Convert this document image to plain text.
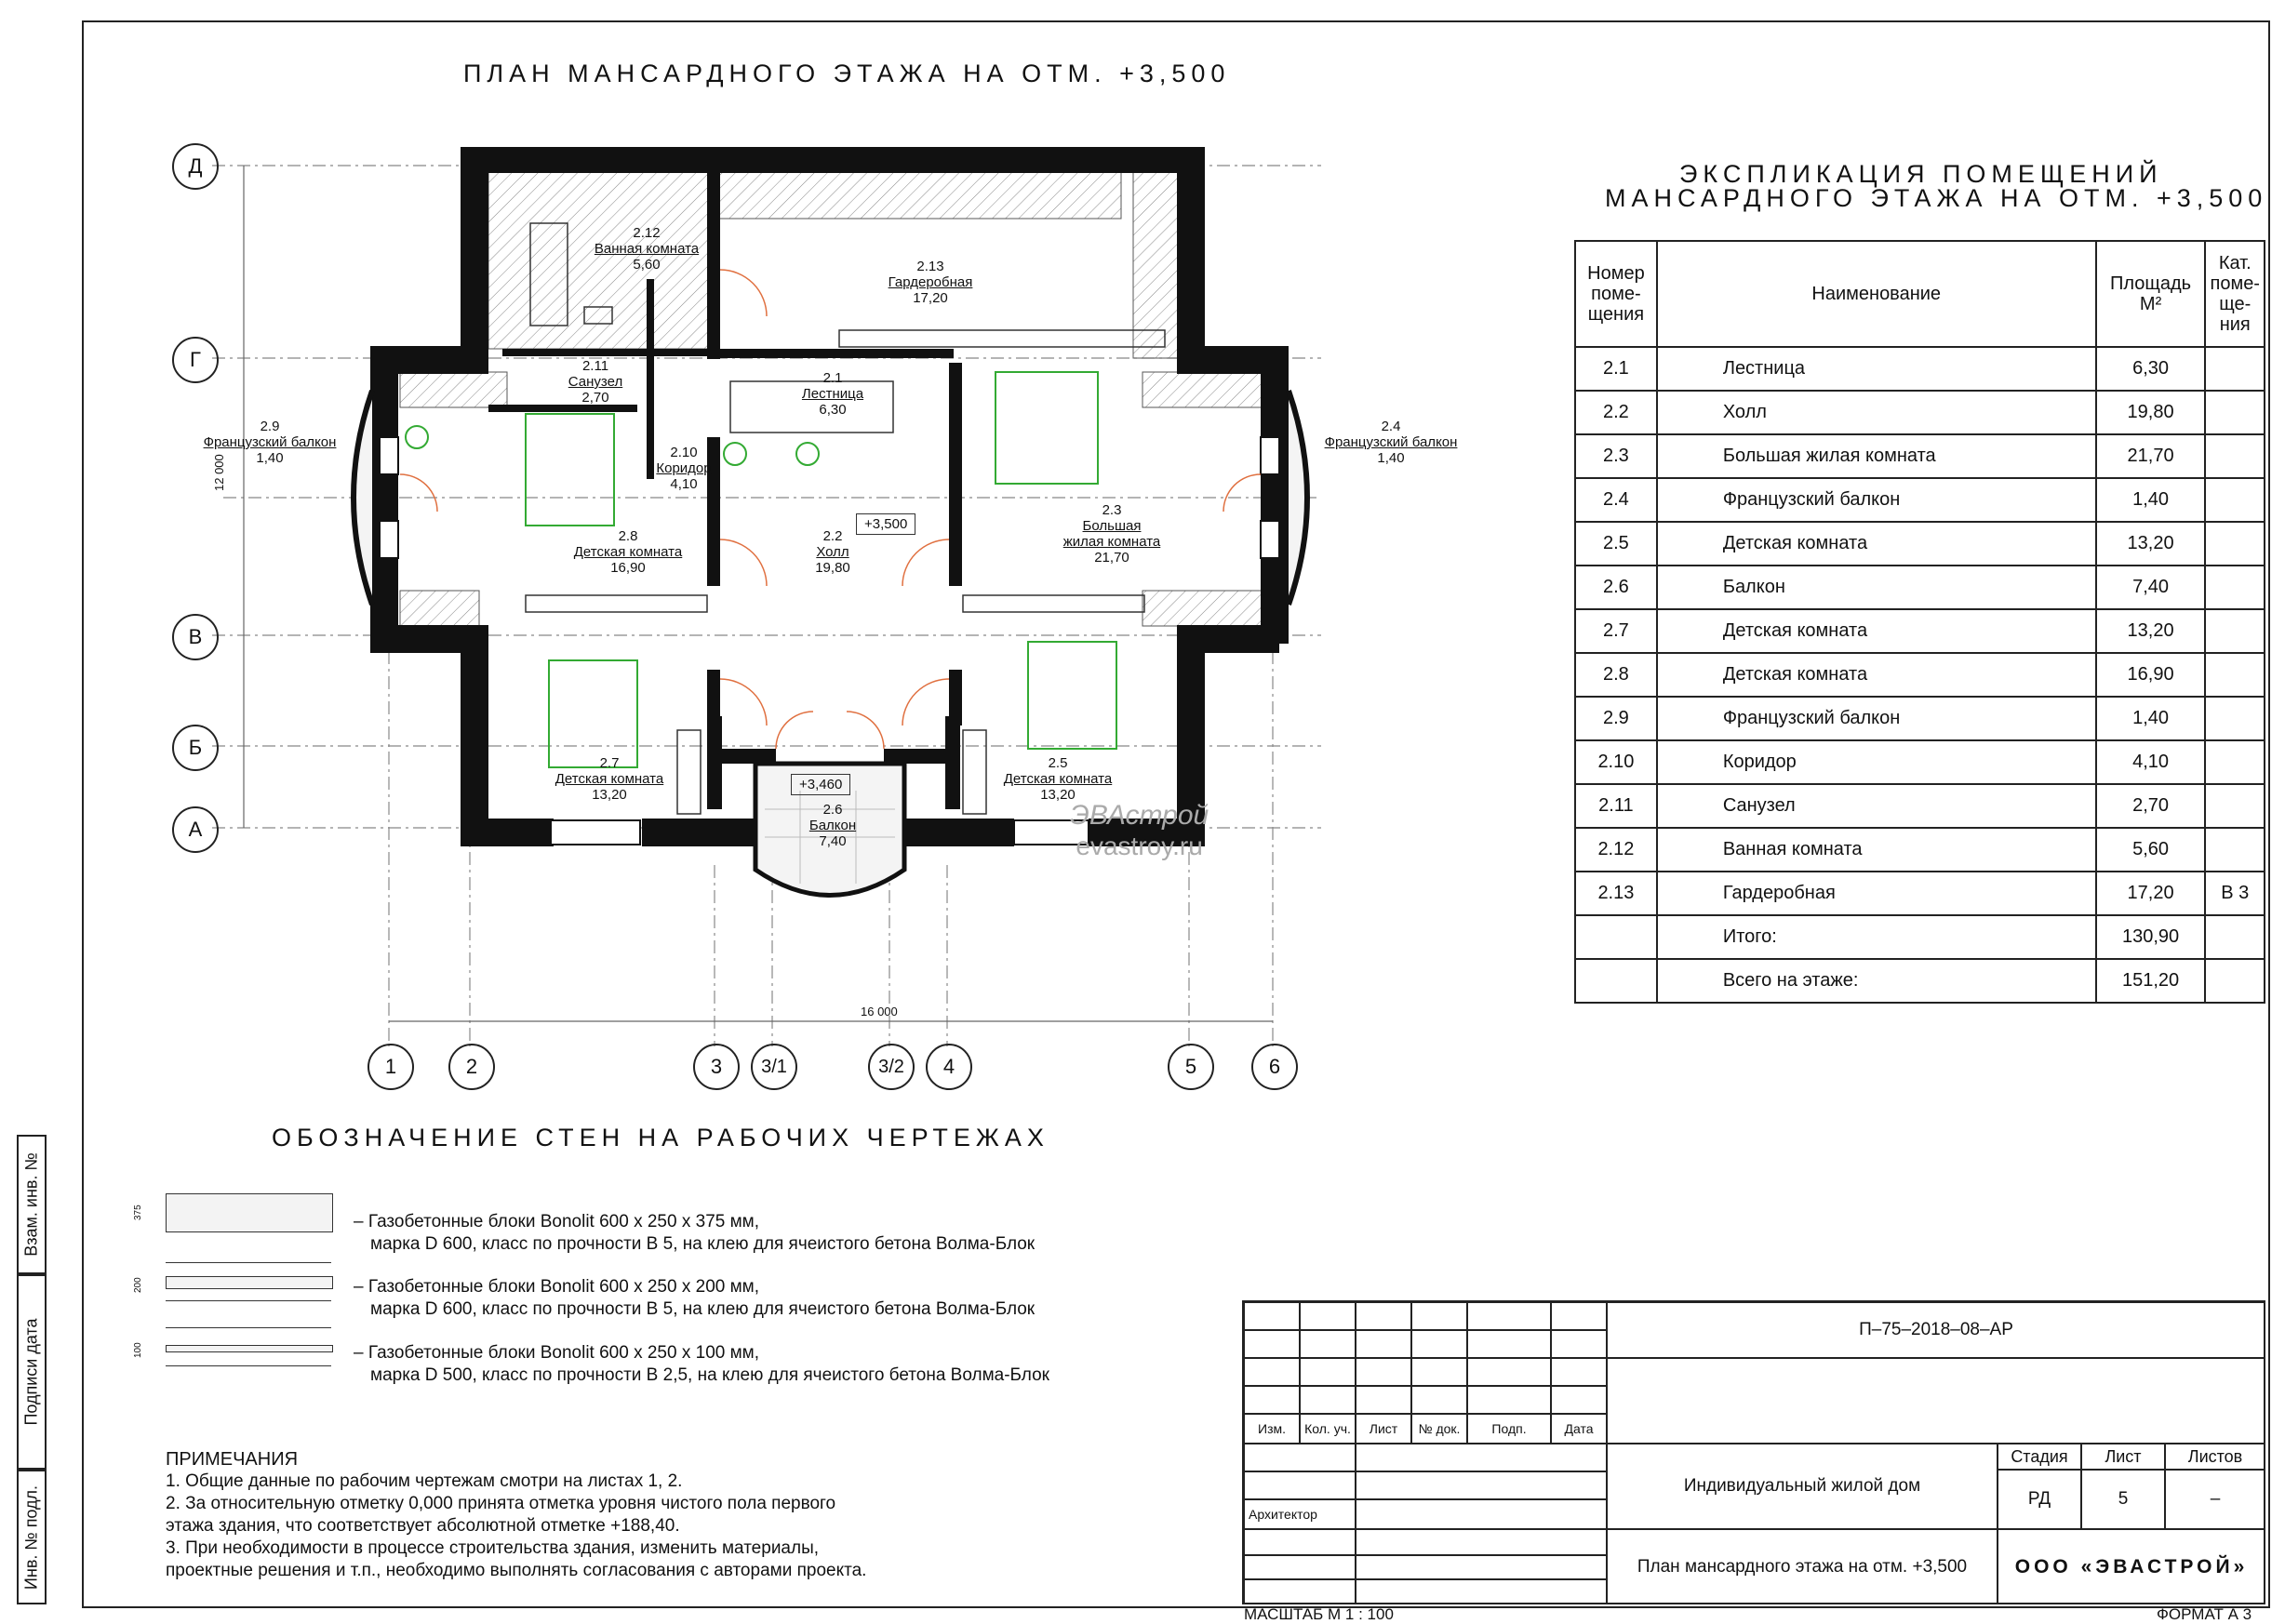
Взам. инв. №
Подписи дата
Инв. № подл.
ПЛАН МАНСАРДНОГО ЭТАЖА НА ОТМ. +3,500
Д
Г
В
Б
А
1	2	3 3/1	3/2 4	5	6
16 000
12 000
2.12
Ванная комната
5,60	2.13
Гардеробная
17,20
2.11
Санузел
2,70
2.1
Лестница
6,30
2.9
Французский балкон
1,40
2.4
Французский балкон
1,40
2.10
Коридор
4,10
2.8
Детская комната
16,90
2.2
Холл
19,80
2.3
Большая
жилая комната
21,70
2.7
Детская комната
13,20
2.5
Детская комната
13,20
2.6
Балкон
7,40
+3,500
+3,460
ЭВАстрой
evastroy.ru
ЭКСПЛИКАЦИЯ ПОМЕЩЕНИЙ
МАНСАРДНОГО ЭТАЖА НА ОТМ. +3,500
Номер поме-щения	Наименование	Площадь М²	Кат. поме-ще-ния
2.1	Лестница	6,30	
2.2	Холл	19,80	
2.3	Большая жилая комната	21,70	
2.4	Французский балкон	1,40	
2.5	Детская комната	13,20	
2.6	Балкон	7,40	
2.7	Детская комната	13,20	
2.8	Детская комната	16,90	
2.9	Французский балкон	1,40	
2.10	Коридор	4,10	
2.11	Санузел	2,70	
2.12	Ванная комната	5,60	
2.13	Гардеробная	17,20	В 3
	Итого:	130,90	
	Всего на этаже:	151,20	
ОБОЗНАЧЕНИЕ СТЕН НА РАБОЧИХ ЧЕРТЕЖАХ
375	– Газобетонные блоки Bonolit 600 x 250 x 375 мм,
марка D 600, класс по прочности В 5, на клею для ячеистого бетона Волма-Блок
200	– Газобетонные блоки Bonolit 600 x 250 x 200 мм,
марка D 600, класс по прочности В 5, на клею для ячеистого бетона Волма-Блок
100	– Газобетонные блоки Bonolit 600 x 250 x 100 мм,
марка D 500, класс по прочности В 2,5, на клею для ячеистого бетона Волма-Блок
ПРИМЕЧАНИЯ
1. Общие данные по рабочим чертежам смотри на листах 1, 2.
2. За относительную отметку 0,000 принята отметка уровня чистого пола первого
этажа здания, что соответствует абсолютной отметке +188,40.
3. При необходимости в процессе строительства здания, изменить материалы,
проектные решения и т.п., необходимо выполнять согласования с авторами проекта.
Изм.	Кол. уч.	Лист	№ док.	Подп.	Дата
Архитектор
П–75–2018–08–АР
Индивидуальный жилой дом
Стадия	Лист	Листов
РД	5	–
План мансардного этажа на отм. +3,500	ООО «ЭВАСТРОЙ»
МАСШТАБ М 1 : 100	ФОРМАТ А 3
